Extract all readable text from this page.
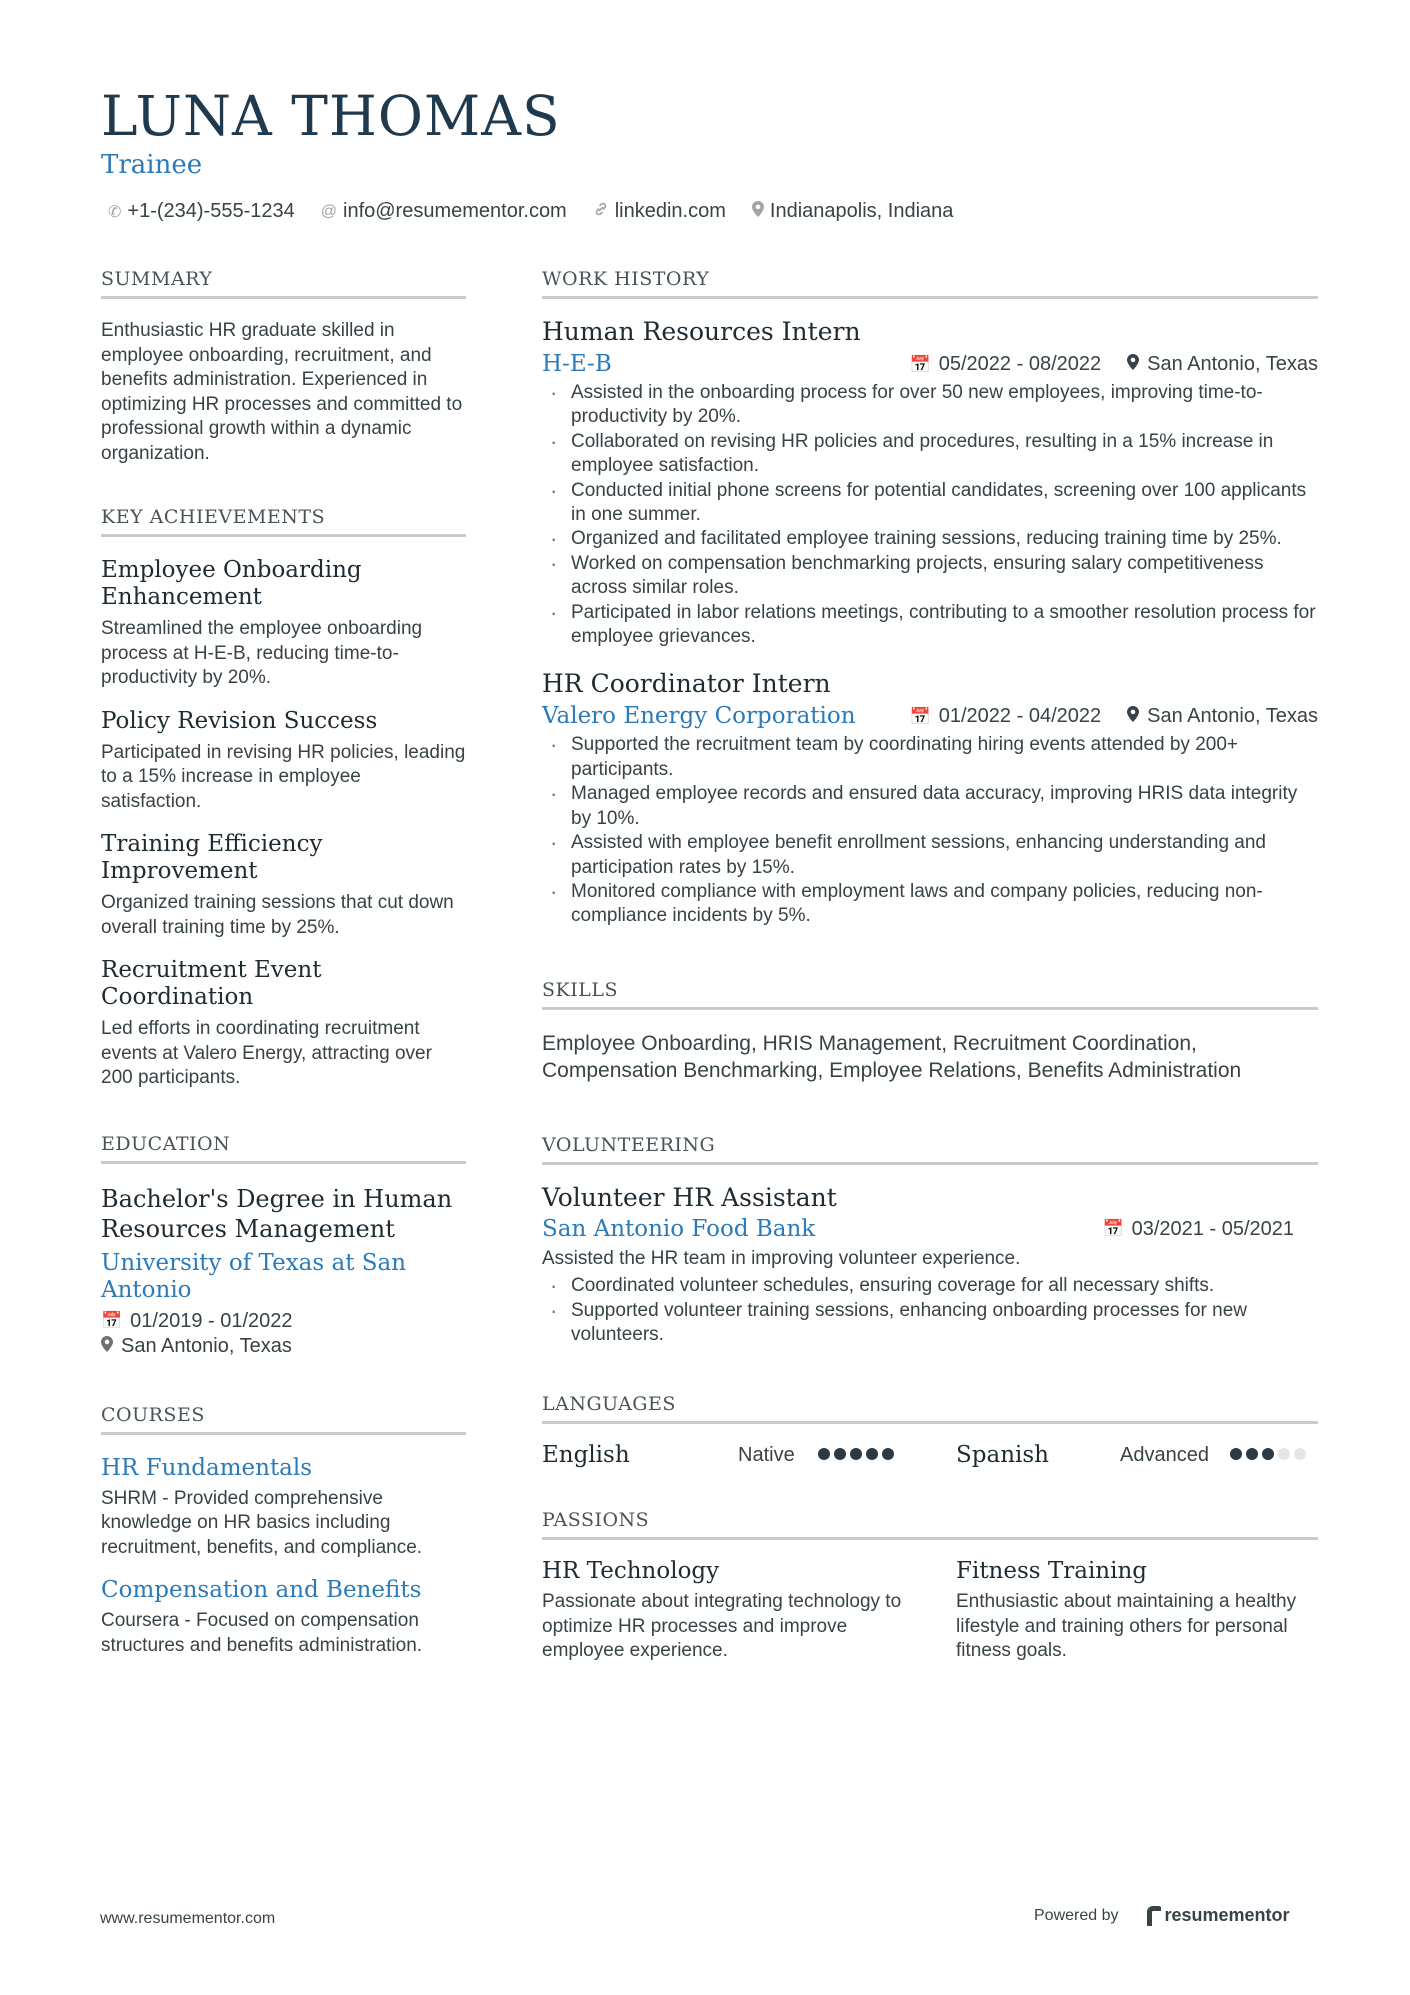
LUNA THOMAS
Trainee
✆ +1-(234)-555-1234 @ info@resumementor.com linkedin.com Indianapolis, Indiana
SUMMARY

Enthusiastic HR graduate skilled in employee onboarding, recruitment, and benefits administration. Experienced in optimizing HR processes and committed to professional growth within a dynamic organization.

KEY ACHIEVEMENTS
Employee Onboarding Enhancement

Streamlined the employee onboarding process at H-E-B, reducing time-to-productivity by 20%.

Policy Revision Success

Participated in revising HR policies, leading to a 15% increase in employee satisfaction.

Training Efficiency Improvement

Organized training sessions that cut down overall training time by 25%.

Recruitment Event Coordination

Led efforts in coordinating recruitment events at Valero Energy, attracting over 200 participants.

EDUCATION
Bachelor's Degree in Human Resources Management
University of Texas at San Antonio
📅 01/2019 - 01/2022
San Antonio, Texas
COURSES
HR Fundamentals

SHRM - Provided comprehensive knowledge on HR basics including recruitment, benefits, and compliance.

Compensation and Benefits

Coursera - Focused on compensation structures and benefits administration.

WORK HISTORY
Human Resources Intern
H-E-B	📅 05/2022 - 08/2022 San Antonio, Texas
· Assisted in the onboarding process for over 50 new employees, improving time-to-productivity by 20%.
· Collaborated on revising HR policies and procedures, resulting in a 15% increase in employee satisfaction.
· Conducted initial phone screens for potential candidates, screening over 100 applicants in one summer.
· Organized and facilitated employee training sessions, reducing training time by 25%.
· Worked on compensation benchmarking projects, ensuring salary competitiveness across similar roles.
· Participated in labor relations meetings, contributing to a smoother resolution process for employee grievances.
HR Coordinator Intern
Valero Energy Corporation	📅 01/2022 - 04/2022 San Antonio, Texas
· Supported the recruitment team by coordinating hiring events attended by 200+ participants.
· Managed employee records and ensured data accuracy, improving HRIS data integrity by 10%.
· Assisted with employee benefit enrollment sessions, enhancing understanding and participation rates by 15%.
· Monitored compliance with employment laws and company policies, reducing non-compliance incidents by 5%.
SKILLS

Employee Onboarding, HRIS Management, Recruitment Coordination, Compensation Benchmarking, Employee Relations, Benefits Administration

VOLUNTEERING
Volunteer HR Assistant
San Antonio Food Bank	📅 03/2021 - 05/2021

Assisted the HR team in improving volunteer experience.

· Coordinated volunteer schedules, ensuring coverage for all necessary shifts.
· Supported volunteer training sessions, enhancing onboarding processes for new volunteers.
LANGUAGES
English	Native	Spanish	Advanced
PASSIONS
HR Technology

Passionate about integrating technology to optimize HR processes and improve employee experience.

Fitness Training

Enthusiastic about maintaining a healthy lifestyle and training others for personal fitness goals.

www.resumementor.com	Powered by	resumementor
